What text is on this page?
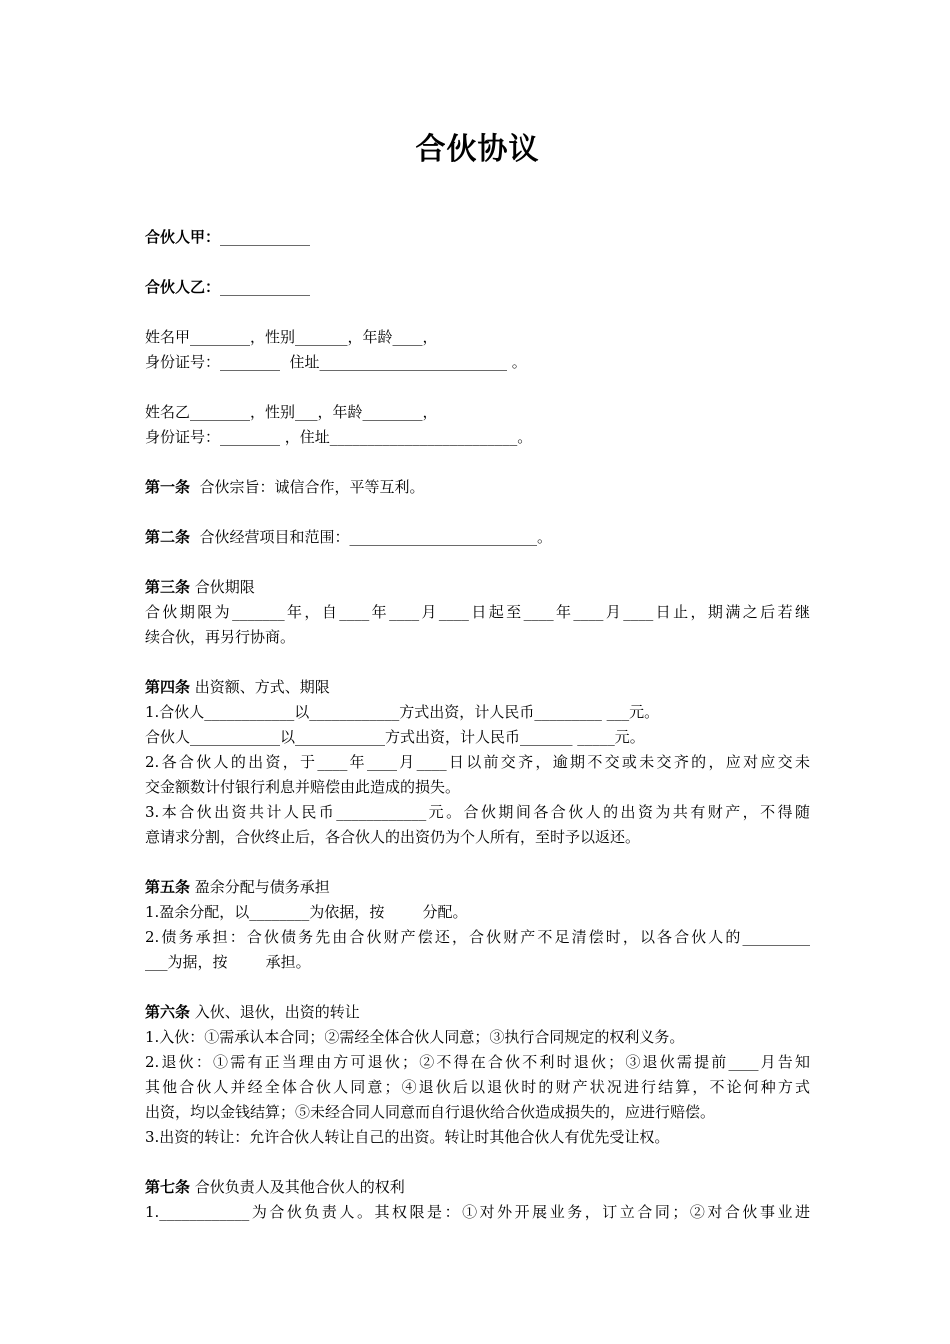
合伙协议
合伙人甲：____________
合伙人乙：____________
姓名甲________，性别_______，年龄____，
身份证号：________  住址_________________________ 。
姓名乙________，性别___，年龄________，
身份证号：________ ，住址_________________________。
第一条  合伙宗旨：诚信合作，平等互利。
第二条  合伙经营项目和范围：_________________________。
第三条 合伙期限
合伙期限为_______年，自____年____月____日起至____年____月____日止，期满之后若继
续合伙，再另行协商。
第四条 出资额、方式、期限
1.合伙人____________以____________方式出资，计人民币_________ ___元。
合伙人____________以____________方式出资，计人民币_______ _____元。
2.各合伙人的出资，于____年____月____日以前交齐，逾期不交或未交齐的，应对应交未
交金额数计付银行利息并赔偿由此造成的损失。
3.本合伙出资共计人民币____________元。合伙期间各合伙人的出资为共有财产，不得随
意请求分割，合伙终止后，各合伙人的出资仍为个人所有，至时予以返还。
第五条 盈余分配与债务承担
1.盈余分配，以________为依据，按        分配。
2.债务承担：合伙债务先由合伙财产偿还，合伙财产不足清偿时，以各合伙人的_________
___为据，按        承担。
第六条 入伙、退伙，出资的转让
1.入伙：①需承认本合同；②需经全体合伙人同意；③执行合同规定的权利义务。
2.退伙：①需有正当理由方可退伙；②不得在合伙不利时退伙；③退伙需提前____月告知
其他合伙人并经全体合伙人同意；④退伙后以退伙时的财产状况进行结算，不论何种方式
出资，均以金钱结算；⑤未经合同人同意而自行退伙给合伙造成损失的，应进行赔偿。
3.出资的转让：允许合伙人转让自己的出资。转让时其他合伙人有优先受让权。
第七条 合伙负责人及其他合伙人的权利
1.____________为合伙负责人。其权限是：①对外开展业务，订立合同；②对合伙事业进
